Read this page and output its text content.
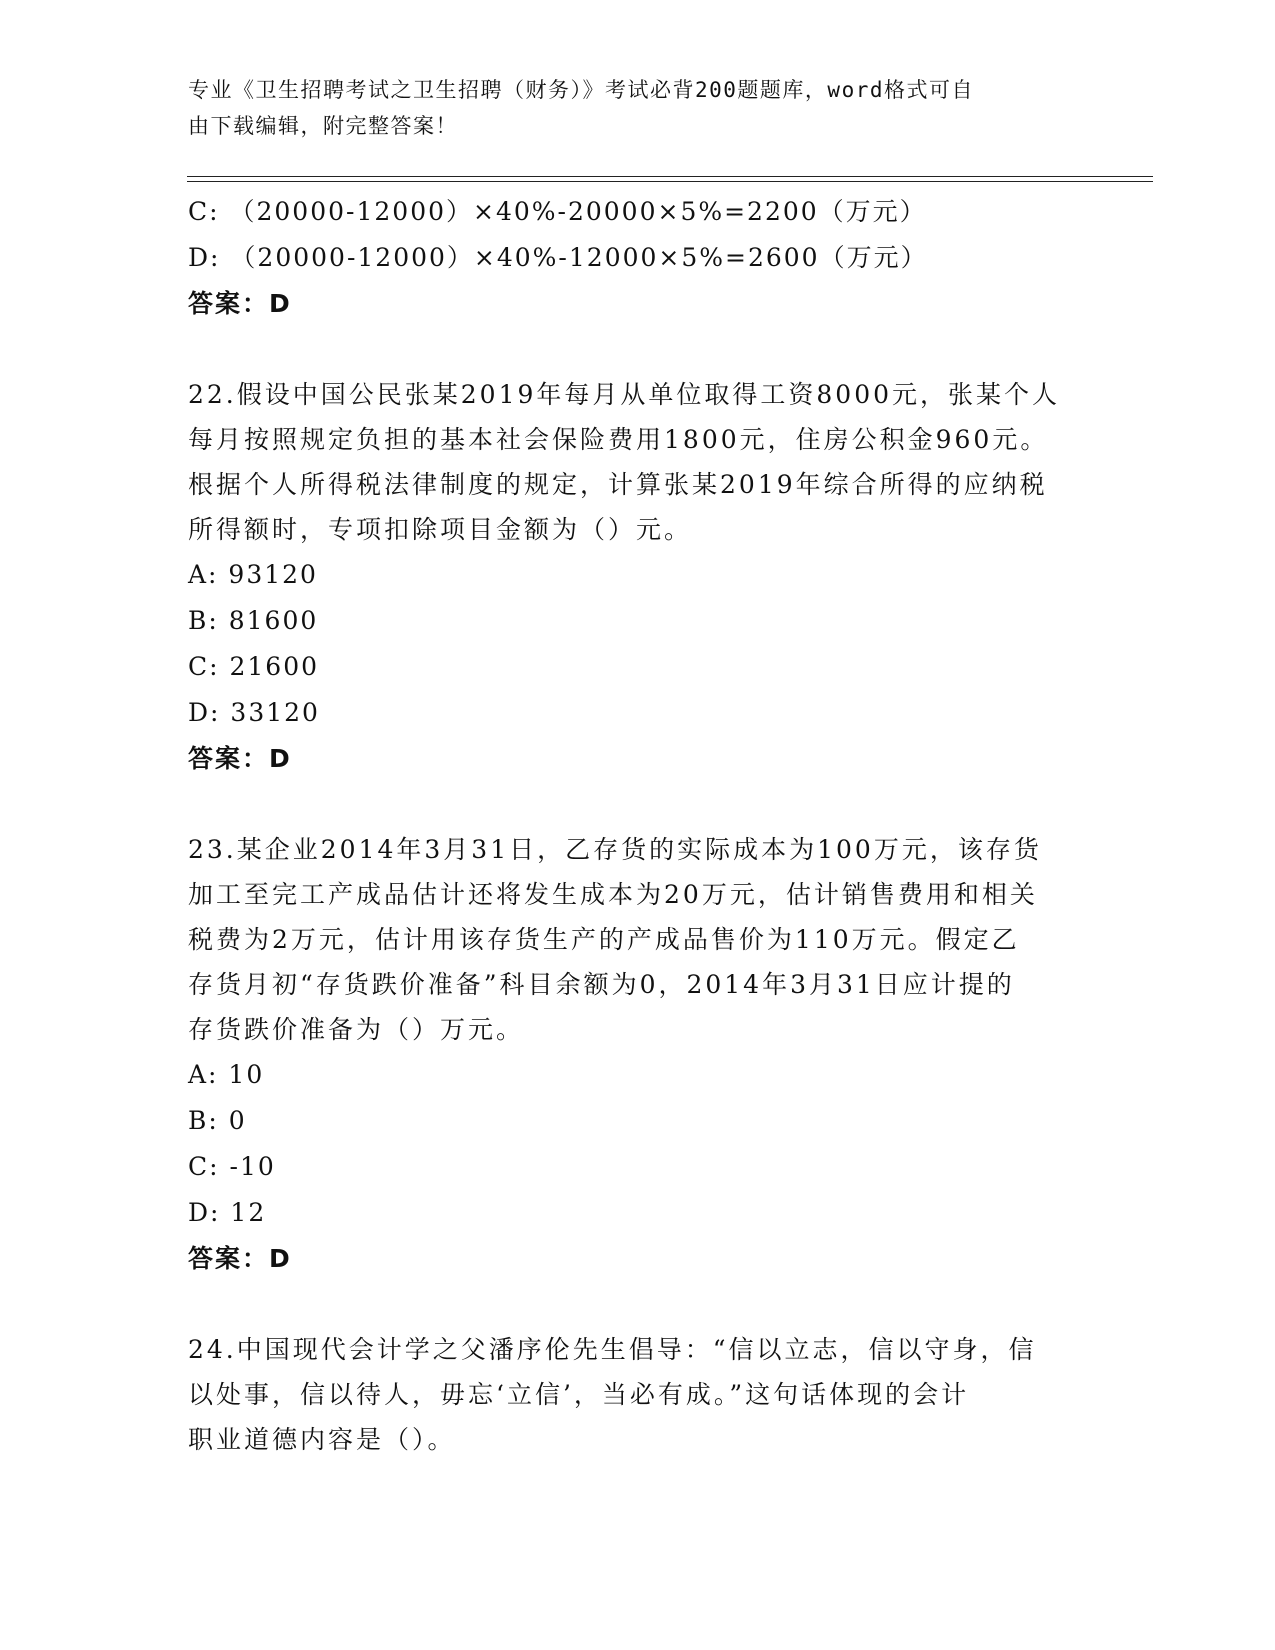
专业《卫生招聘考试之卫生招聘（财务）》考试必背200题题库，word格式可自
由下载编辑，附完整答案！
C: （20000-12000）×40%-20000×5%=2200（万元）
D: （20000-12000）×40%-12000×5%=2600（万元）
答案：D
22.假设中国公民张某2019年每月从单位取得工资8000元，张某个人
每月按照规定负担的基本社会保险费用1800元，住房公积金960元。
根据个人所得税法律制度的规定，计算张某2019年综合所得的应纳税
所得额时，专项扣除项目金额为（）元。
A: 93120
B: 81600
C: 21600
D: 33120
答案：D
23.某企业2014年3月31日，乙存货的实际成本为100万元，该存货
加工至完工产成品估计还将发生成本为20万元，估计销售费用和相关
税费为2万元，估计用该存货生产的产成品售价为110万元。假定乙
存货月初“存货跌价准备”科目余额为0，2014年3月31日应计提的
存货跌价准备为（）万元。
A: 10
B: 0
C: -10
D: 12
答案：D
24.中国现代会计学之父潘序伦先生倡导：“信以立志，信以守身，信
以处事，信以待人，毋忘‘立信’，当必有成。”这句话体现的会计
职业道德内容是（）。
